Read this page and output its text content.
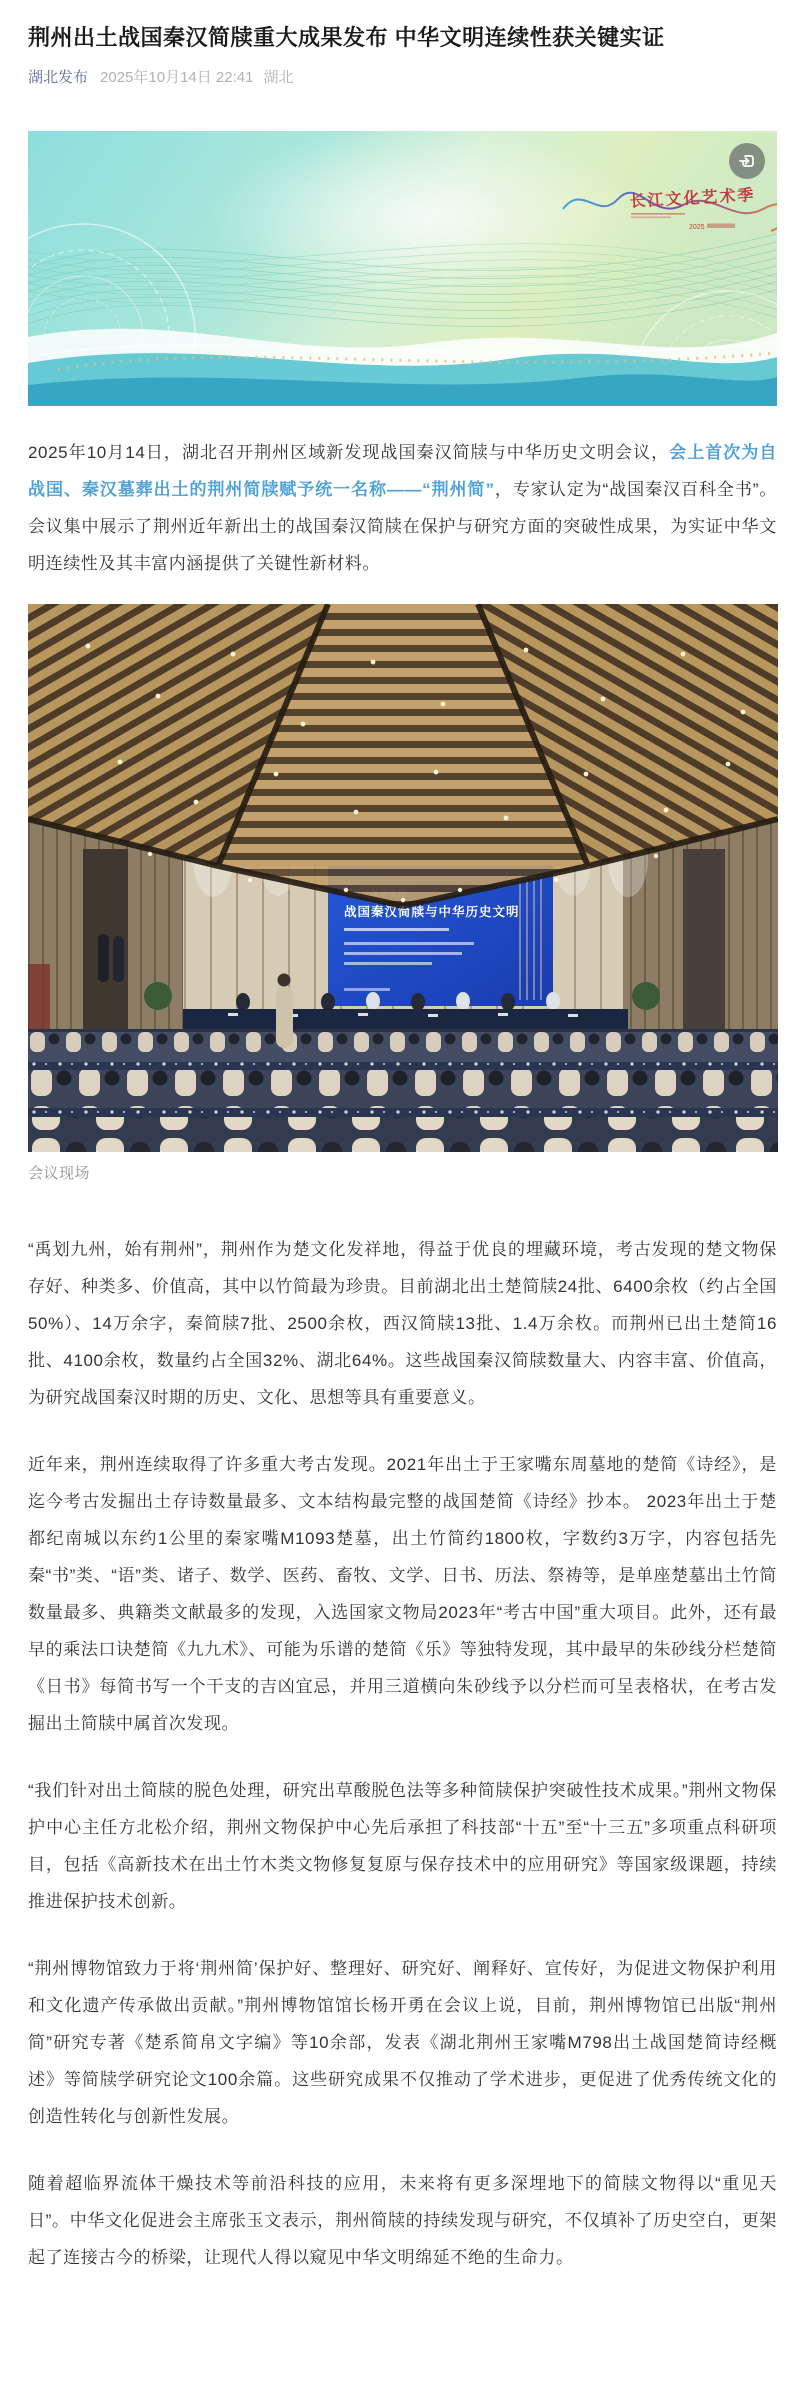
荆州出土战国秦汉简牍重大成果发布 中华文明连续性获关键实证
湖北发布 2025年10月14日 22:41 湖北
长江文化艺术季
2025

2025年10月14日，湖北召开荆州区域新发现战国秦汉简牍与中华历史文明会议，会上首次为自战国、秦汉墓葬出土的荆州简牍赋予统一名称——“荆州简”，专家认定为“战国秦汉百科全书”。会议集中展示了荆州近年新出土的战国秦汉简牍在保护与研究方面的突破性成果，为实证中华文明连续性及其丰富内涵提供了关键性新材料。

战国秦汉简牍与中华历史文明
会议现场

“禹划九州，始有荆州”，荆州作为楚文化发祥地，得益于优良的埋藏环境，考古发现的楚文物保存好、种类多、价值高，其中以竹简最为珍贵。目前湖北出土楚简牍24批、6400余枚（约占全国50%）、14万余字，秦简牍7批、2500余枚，西汉简牍13批、1.4万余枚。而荆州已出土楚简16批、4100余枚，数量约占全国32%、湖北64%。这些战国秦汉简牍数量大、内容丰富、价值高，为研究战国秦汉时期的历史、文化、思想等具有重要意义。

近年来，荆州连续取得了许多重大考古发现。2021年出土于王家嘴东周墓地的楚简《诗经》，是迄今考古发掘出土存诗数量最多、文本结构最完整的战国楚简《诗经》抄本。 2023年出土于楚都纪南城以东约1公里的秦家嘴M1093楚墓，出土竹简约1800枚，字数约3万字，内容包括先秦“书”类、“语”类、诸子、数学、医药、畜牧、文学、日书、历法、祭祷等，是单座楚墓出土竹简数量最多、典籍类文献最多的发现，入选国家文物局2023年“考古中国”重大项目。此外，还有最早的乘法口诀楚简《九九术》、可能为乐谱的楚简《乐》等独特发现，其中最早的朱砂线分栏楚简《日书》每简书写一个干支的吉凶宜忌，并用三道横向朱砂线予以分栏而可呈表格状，在考古发掘出土简牍中属首次发现。

“我们针对出土简牍的脱色处理，研究出草酸脱色法等多种简牍保护突破性技术成果。”荆州文物保护中心主任方北松介绍，荆州文物保护中心先后承担了科技部“十五”至“十三五”多项重点科研项目，包括《高新技术在出土竹木类文物修复复原与保存技术中的应用研究》等国家级课题，持续推进保护技术创新。

“荆州博物馆致力于将‘荆州简’保护好、整理好、研究好、阐释好、宣传好，为促进文物保护利用和文化遗产传承做出贡献。”荆州博物馆馆长杨开勇在会议上说，目前，荆州博物馆已出版“荆州简”研究专著《楚系简帛文字编》等10余部，发表《湖北荆州王家嘴M798出土战国楚简诗经概述》等简牍学研究论文100余篇。这些研究成果不仅推动了学术进步，更促进了优秀传统文化的创造性转化与创新性发展。

随着超临界流体干燥技术等前沿科技的应用，未来将有更多深埋地下的简牍文物得以“重见天日”。中华文化促进会主席张玉文表示，荆州简牍的持续发现与研究，不仅填补了历史空白，更架起了连接古今的桥梁，让现代人得以窥见中华文明绵延不绝的生命力。
